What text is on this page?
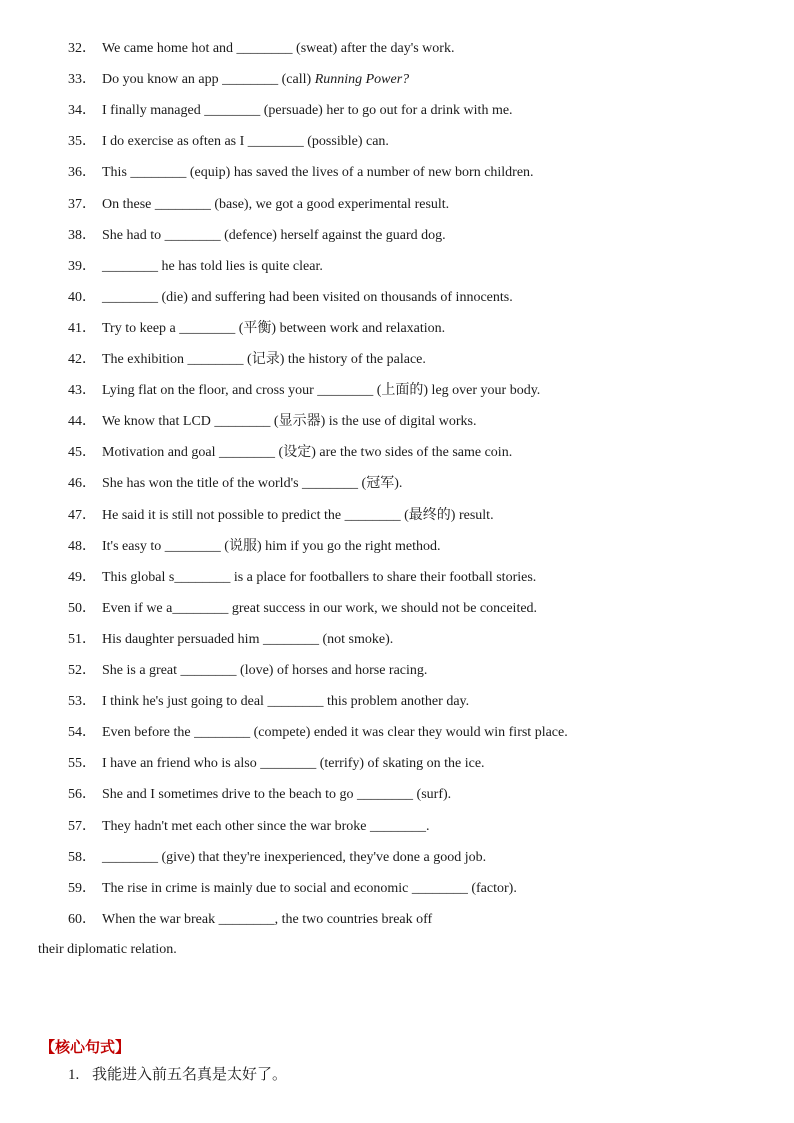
32． We came home hot and ________ (sweat) after the day's work.
33． Do you know an app ________ (call) Running Power?
34． I finally managed ________ (persuade) her to go out for a drink with me.
35． I do exercise as often as I ________ (possible) can.
36． This ________ (equip) has saved the lives of a number of new born children.
37． On these ________ (base), we got a good experimental result.
38． She had to ________ (defence) herself against the guard dog.
39． ________ he has told lies is quite clear.
40． ________ (die) and suffering had been visited on thousands of innocents.
41． Try to keep a ________ (平衡) between work and relaxation.
42． The exhibition ________ (记录) the history of the palace.
43． Lying flat on the floor, and cross your ________ (上面的) leg over your body.
44． We know that LCD ________ (显示器) is the use of digital works.
45． Motivation and goal ________ (设定) are the two sides of the same coin.
46． She has won the title of the world's ________ (冠军).
47． He said it is still not possible to predict the ________ (最终的) result.
48． It's easy to ________ (说服) him if you go the right method.
49． This global s________ is a place for footballers to share their football stories.
50． Even if we a________ great success in our work, we should not be conceited.
51． His daughter persuaded him ________ (not smoke).
52． She is a great ________ (love) of horses and horse racing.
53． I think he's just going to deal ________ this problem another day.
54． Even before the ________ (compete) ended it was clear they would win first place.
55． I have an friend who is also ________ (terrify) of skating on the ice.
56． She and I sometimes drive to the beach to go ________ (surf).
57． They hadn't met each other since the war broke ________.
58． ________ (give) that they're inexperienced, they've done a good job.
59． The rise in crime is mainly due to social and economic ________ (factor).
60． When the war break ________, the two countries break off
their diplomatic relation.
【核心句式】
1. 我能进入前五名真是太好了。
